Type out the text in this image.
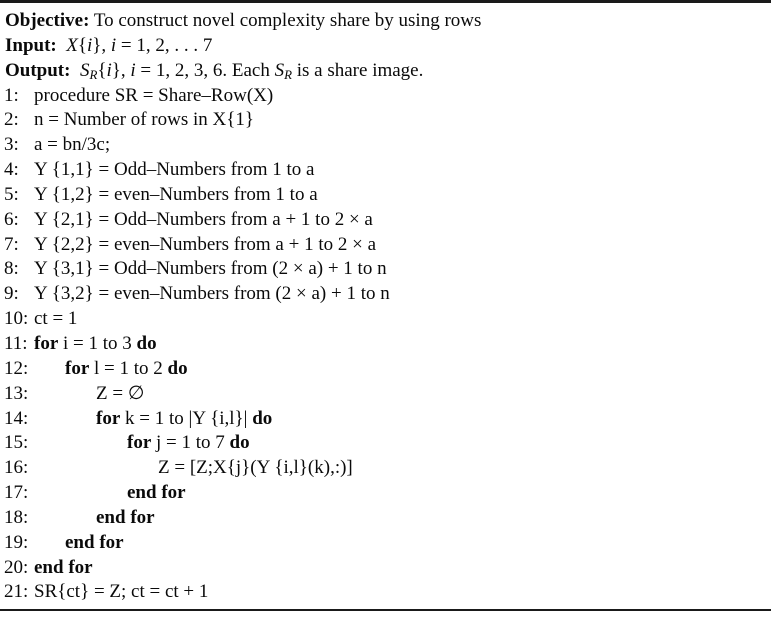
Objective: To construct novel complexity share by using rows
Input: X{i}, i = 1, 2, . . . 7
Output: SR{i}, i = 1, 2, 3, 6. Each SR is a share image.
1: procedure SR = Share–Row(X)
2: n = Number of rows in X{1}
3: a = bn/3c;
4: Y {1,1} = Odd–Numbers from 1 to a
5: Y {1,2} = even–Numbers from 1 to a
6: Y {2,1} = Odd–Numbers from a + 1 to 2 × a
7: Y {2,2} = even–Numbers from a + 1 to 2 × a
8: Y {3,1} = Odd–Numbers from (2 × a) + 1 to n
9: Y {3,2} = even–Numbers from (2 × a) + 1 to n
10: ct = 1
11: for i = 1 to 3 do
12: for l = 1 to 2 do
13:	Z = ∅
14:	for k = 1 to |Y {i,l}| do
15:	for j = 1 to 7 do
16:	Z = [Z;X{j}(Y {i,l}(k),:)]
17:	end for
18:	end for
19: end for
20: end for
21: SR{ct} = Z; ct = ct + 1
